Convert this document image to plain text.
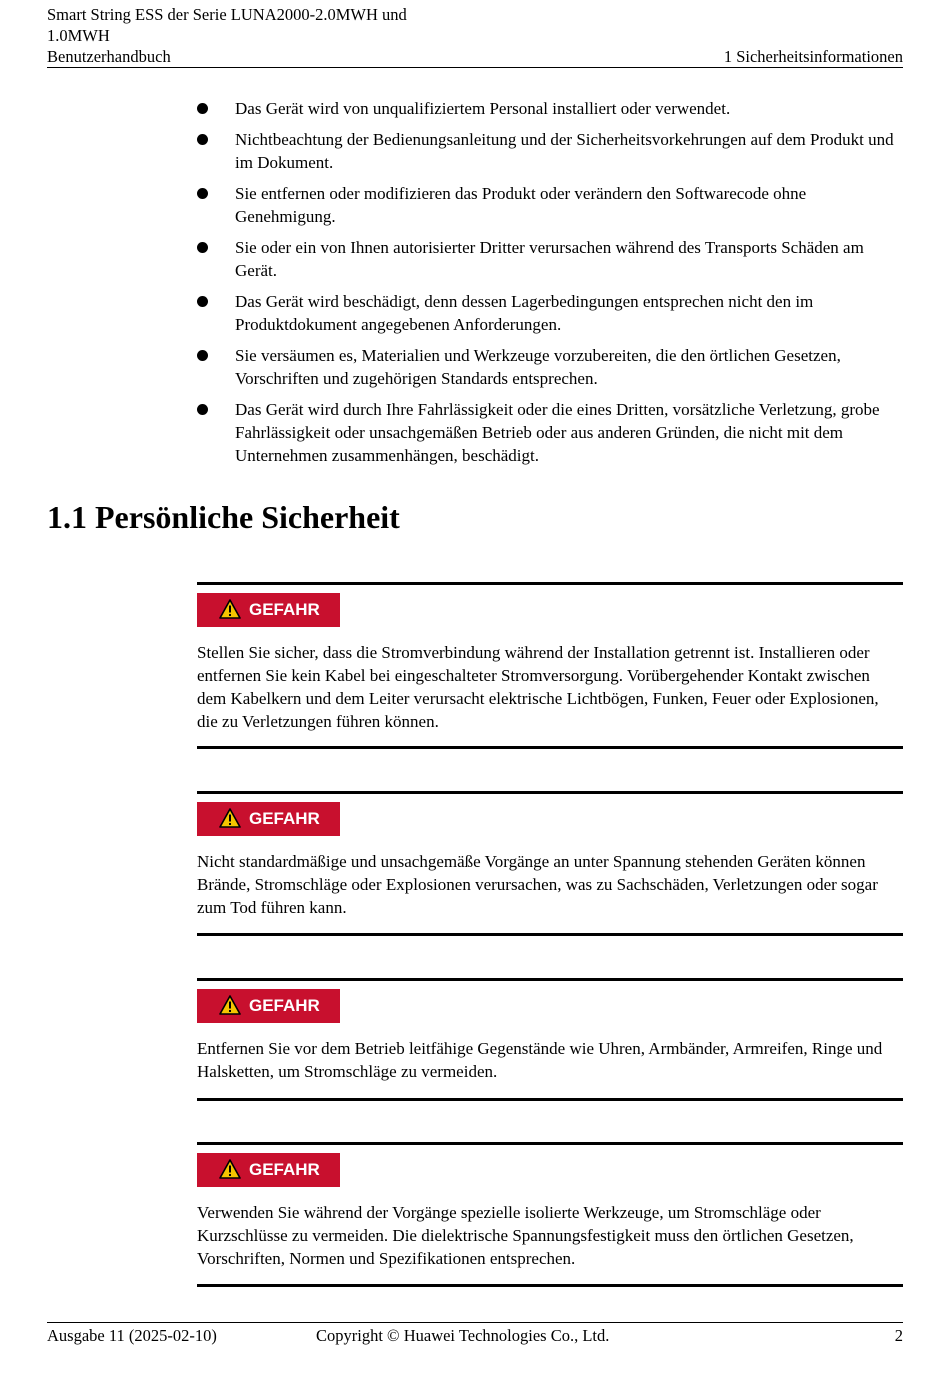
Smart String ESS der Serie LUNA2000-2.0MWH und
1.0MWH
Benutzerhandbuch	1 Sicherheitsinformationen
Das Gerät wird von unqualifiziertem Personal installiert oder verwendet.
Nichtbeachtung der Bedienungsanleitung und der Sicherheitsvorkehrungen auf dem Produkt und im Dokument.
Sie entfernen oder modifizieren das Produkt oder verändern den Softwarecode ohne Genehmigung.
Sie oder ein von Ihnen autorisierter Dritter verursachen während des Transports Schäden am Gerät.
Das Gerät wird beschädigt, denn dessen Lagerbedingungen entsprechen nicht den im Produktdokument angegebenen Anforderungen.
Sie versäumen es, Materialien und Werkzeuge vorzubereiten, die den örtlichen Gesetzen, Vorschriften und zugehörigen Standards entsprechen.
Das Gerät wird durch Ihre Fahrlässigkeit oder die eines Dritten, vorsätzliche Verletzung, grobe Fahrlässigkeit oder unsachgemäßen Betrieb oder aus anderen Gründen, die nicht mit dem Unternehmen zusammenhängen, beschädigt.
1.1 Persönliche Sicherheit
GEFAHR
Stellen Sie sicher, dass die Stromverbindung während der Installation getrennt ist. Installieren oder entfernen Sie kein Kabel bei eingeschalteter Stromversorgung. Vorübergehender Kontakt zwischen dem Kabelkern und dem Leiter verursacht elektrische Lichtbögen, Funken, Feuer oder Explosionen, die zu Verletzungen führen können.
GEFAHR
Nicht standardmäßige und unsachgemäße Vorgänge an unter Spannung stehenden Geräten können Brände, Stromschläge oder Explosionen verursachen, was zu Sachschäden, Verletzungen oder sogar zum Tod führen kann.
GEFAHR
Entfernen Sie vor dem Betrieb leitfähige Gegenstände wie Uhren, Armbänder, Armreifen, Ringe und Halsketten, um Stromschläge zu vermeiden.
GEFAHR
Verwenden Sie während der Vorgänge spezielle isolierte Werkzeuge, um Stromschläge oder Kurzschlüsse zu vermeiden. Die dielektrische Spannungsfestigkeit muss den örtlichen Gesetzen, Vorschriften, Normen und Spezifikationen entsprechen.
Ausgabe 11 (2025-02-10)	Copyright © Huawei Technologies Co., Ltd.	2
